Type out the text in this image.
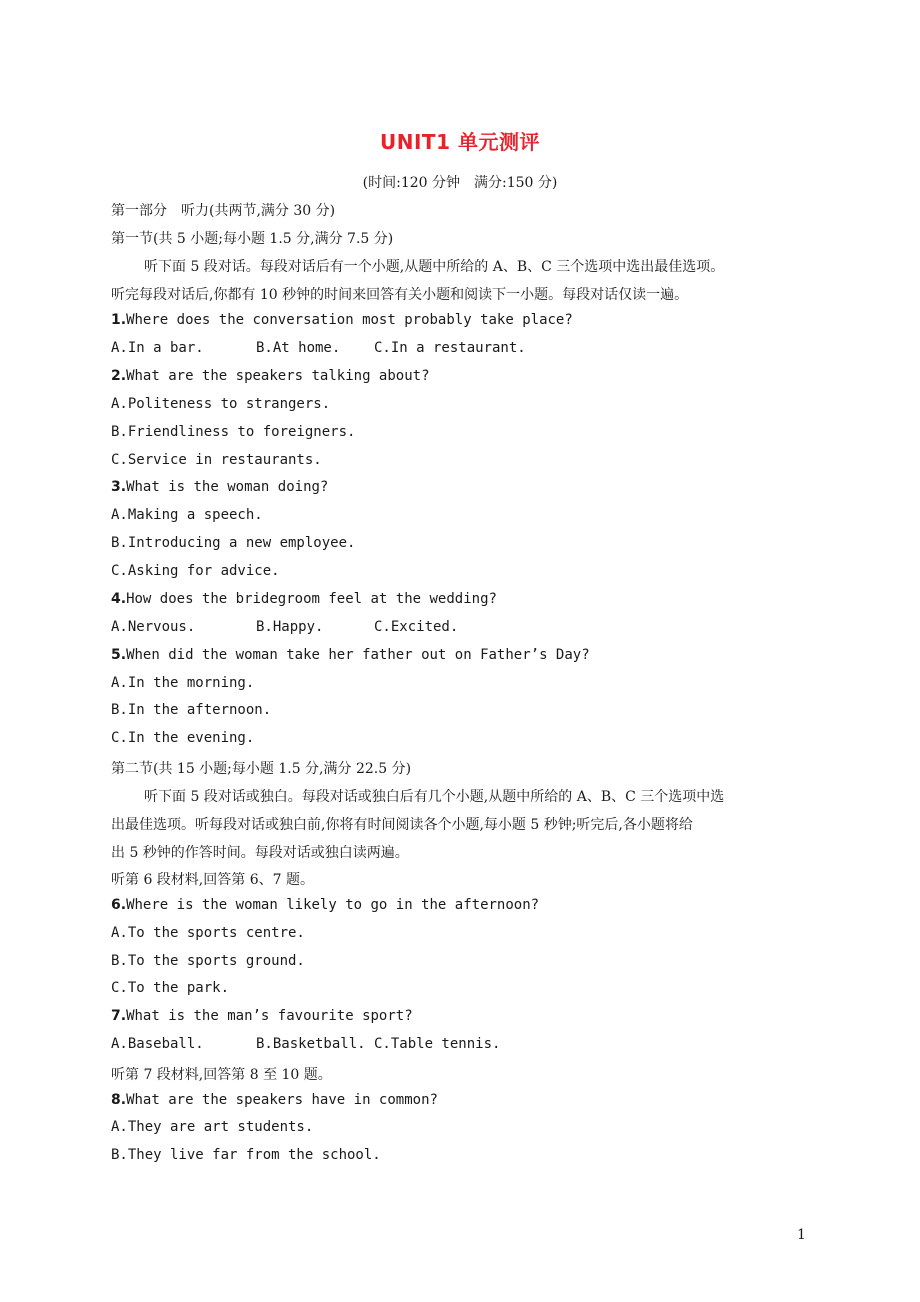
UNIT1 单元测评
(时间:120 分钟　满分:150 分)
第一部分　听力(共两节,满分 30 分)
第一节(共 5 小题;每小题 1.5 分,满分 7.5 分)
听下面 5 段对话。每段对话后有一个小题,从题中所给的 A、B、C 三个选项中选出最佳选项。
听完每段对话后,你都有 10 秒钟的时间来回答有关小题和阅读下一小题。每段对话仅读一遍。
1.Where does the conversation most probably take place?
A.In a bar.	B.At home. C.In a restaurant.
2.What are the speakers talking about?
A.Politeness to strangers.
B.Friendliness to foreigners.
C.Service in restaurants.
3.What is the woman doing?
A.Making a speech.
B.Introducing a new employee.
C.Asking for advice.
4.How does the bridegroom feel at the wedding?
A.Nervous.	B.Happy.	C.Excited.
5.When did the woman take her father out on Father’s Day?
A.In the morning.
B.In the afternoon.
C.In the evening.
第二节(共 15 小题;每小题 1.5 分,满分 22.5 分)
听下面 5 段对话或独白。每段对话或独白后有几个小题,从题中所给的 A、B、C 三个选项中选
出最佳选项。听每段对话或独白前,你将有时间阅读各个小题,每小题 5 秒钟;听完后,各小题将给
出 5 秒钟的作答时间。每段对话或独白读两遍。
听第 6 段材料,回答第 6、7 题。
6.Where is the woman likely to go in the afternoon?
A.To the sports centre.
B.To the sports ground.
C.To the park.
7.What is the man’s favourite sport?
A.Baseball.	B.Basketball. C.Table tennis.
听第 7 段材料,回答第 8 至 10 题。
8.What are the speakers have in common?
A.They are art students.
B.They live far from the school.
1
